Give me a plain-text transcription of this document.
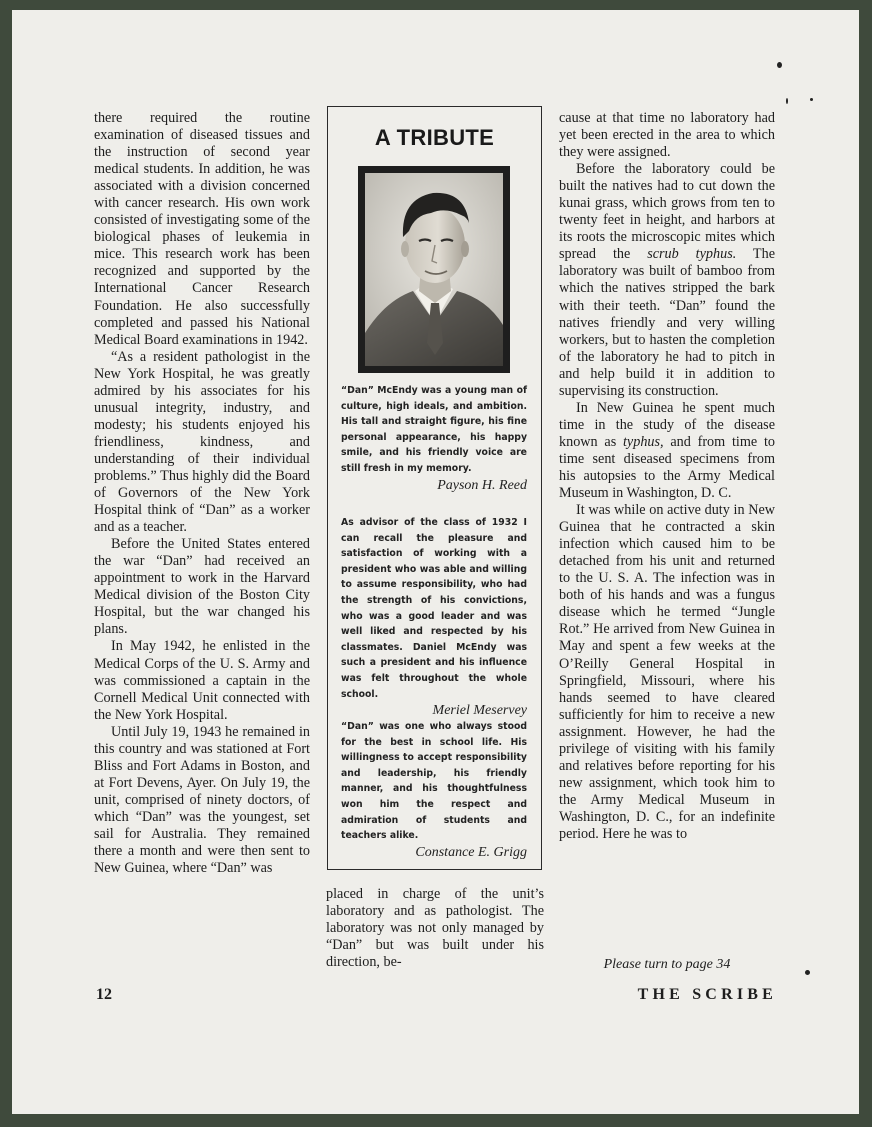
there required the routine examination of diseased tissues and the instruction of second year medical students. In addition, he was associated with a division concerned with cancer research. His own work consisted of investigating some of the biological phases of leukemia in mice. This research work has been recognized and supported by the International Cancer Research Foundation. He also successfully completed and passed his National Medical Board examinations in 1942.

“As a resident pathologist in the New York Hospital, he was greatly admired by his associates for his unusual integrity, industry, and modesty; his students enjoyed his friendliness, kindness, and understanding of their individual problems.” Thus highly did the Board of Governors of the New York Hospital think of “Dan” as a worker and as a teacher.

Before the United States entered the war “Dan” had received an appointment to work in the Harvard Medical division of the Boston City Hospital, but the war changed his plans.

In May 1942, he enlisted in the Medical Corps of the U. S. Army and was commissioned a captain in the Cornell Medical Unit connected with the New York Hospital.

Until July 19, 1943 he remained in this country and was stationed at Fort Bliss and Fort Adams in Boston, and at Fort Devens, Ayer. On July 19, the unit, comprised of ninety doctors, of which “Dan” was the youngest, set sail for Australia. They remained there a month and were then sent to New Guinea, where “Dan” was

A TRIBUTE

“Dan” McEndy was a young man of culture, high ideals, and ambition. His tall and straight figure, his fine personal appearance, his happy smile, and his friendly voice are still fresh in my memory.

Payson H. Reed

As advisor of the class of 1932 I can recall the pleasure and satisfaction of working with a president who was able and willing to assume responsibility, who had the strength of his convictions, who was a good leader and was well liked and respected by his classmates. Daniel McEndy was such a president and his influence was felt throughout the whole school.

Meriel Meservey

“Dan” was one who always stood for the best in school life. His willingness to accept responsibility and leadership, his friendly manner, and his thoughtfulness won him the respect and admiration of students and teachers alike.

Constance E. Grigg

placed in charge of the unit’s laboratory and as pathologist. The laboratory was not only managed by “Dan” but was built under his direction, be-

cause at that time no laboratory had yet been erected in the area to which they were assigned.

Before the laboratory could be built the natives had to cut down the kunai grass, which grows from ten to twenty feet in height, and harbors at its roots the microscopic mites which spread the scrub typhus. The laboratory was built of bamboo from which the natives stripped the bark with their teeth. “Dan” found the natives friendly and very willing workers, but to hasten the completion of the laboratory he had to pitch in and help build it in addition to supervising its construction.

In New Guinea he spent much time in the study of the disease known as typhus, and from time to time sent diseased specimens from his autopsies to the Army Medical Museum in Washington, D. C.

It was while on active duty in New Guinea that he contracted a skin infection which caused him to be detached from his unit and returned to the U. S. A. The infection was in both of his hands and was a fungus disease which he termed “Jungle Rot.” He arrived from New Guinea in May and spent a few weeks at the O’Reilly General Hospital in Springfield, Missouri, where his hands seemed to have cleared sufficiently for him to receive a new assignment. However, he had the privilege of visiting with his family and relatives before reporting for his new assignment, which took him to the Army Medical Museum in Washington, D. C., for an indefinite period. Here he was to

Please turn to page 34
12	THE SCRIBE
